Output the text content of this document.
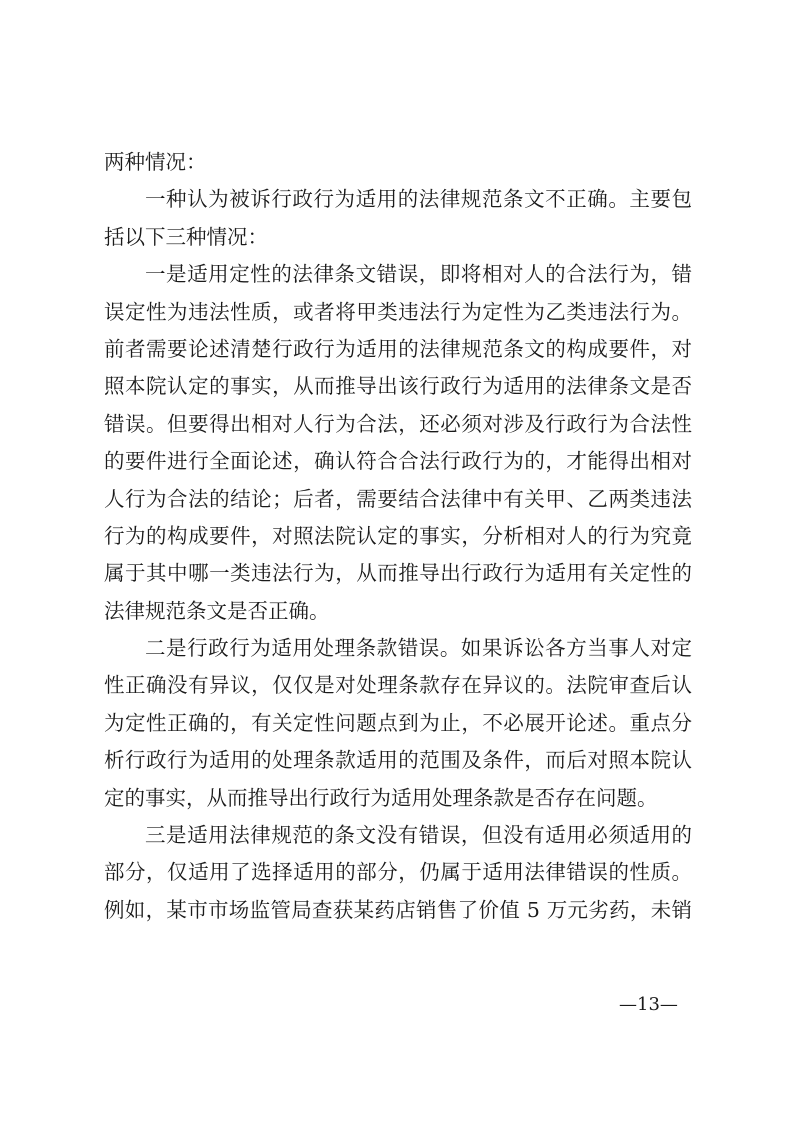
两种情况：
一种认为被诉行政行为适用的法律规范条文不正确。主要包
括以下三种情况：
一是适用定性的法律条文错误，即将相对人的合法行为，错
误定性为违法性质，或者将甲类违法行为定性为乙类违法行为。
前者需要论述清楚行政行为适用的法律规范条文的构成要件，对
照本院认定的事实，从而推导出该行政行为适用的法律条文是否
错误。但要得出相对人行为合法，还必须对涉及行政行为合法性
的要件进行全面论述，确认符合合法行政行为的，才能得出相对
人行为合法的结论；后者，需要结合法律中有关甲、乙两类违法
行为的构成要件，对照法院认定的事实，分析相对人的行为究竟
属于其中哪一类违法行为，从而推导出行政行为适用有关定性的
法律规范条文是否正确。
二是行政行为适用处理条款错误。如果诉讼各方当事人对定
性正确没有异议，仅仅是对处理条款存在异议的。法院审查后认
为定性正确的，有关定性问题点到为止，不必展开论述。重点分
析行政行为适用的处理条款适用的范围及条件，而后对照本院认
定的事实，从而推导出行政行为适用处理条款是否存在问题。
三是适用法律规范的条文没有错误，但没有适用必须适用的
部分，仅适用了选择适用的部分，仍属于适用法律错误的性质。
例如，某市市场监管局查获某药店销售了价值 5 万元劣药，未销
—13—
